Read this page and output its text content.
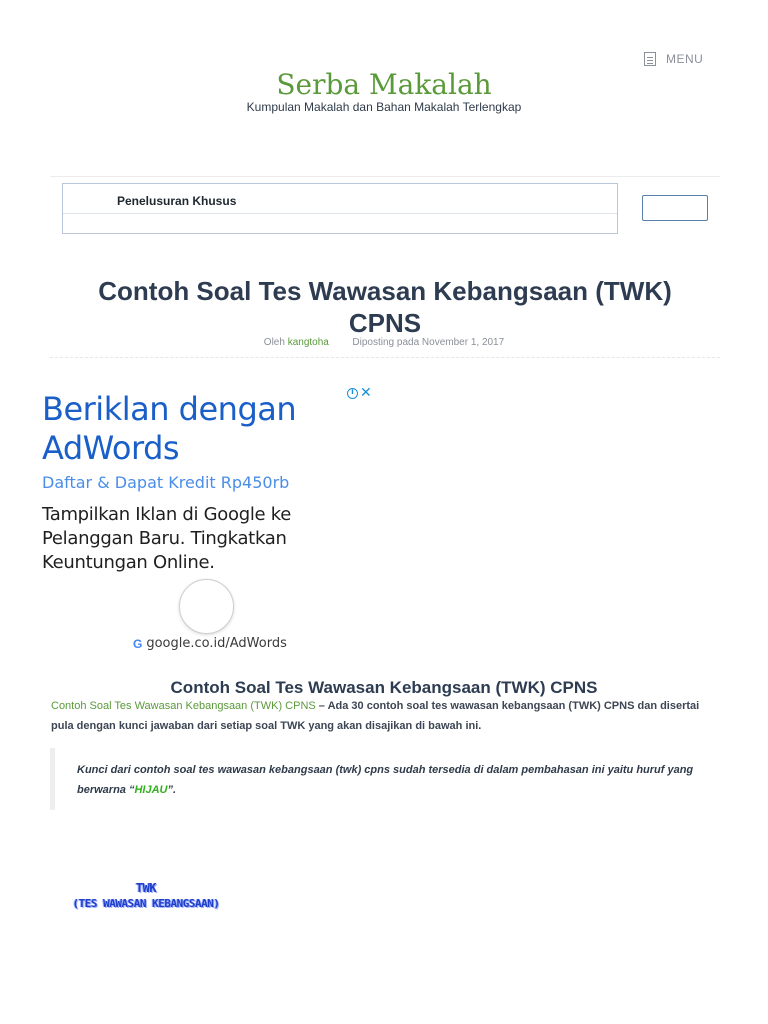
MENU
Serba Makalah
Kumpulan Makalah dan Bahan Makalah Terlengkap
Penelusuran Khusus
Contoh Soal Tes Wawasan Kebangsaan (TWK) CPNS
Oleh kangtoha Diposting pada November 1, 2017
Beriklan dengan AdWords
i
✕
Daftar & Dapat Kredit Rp450rb
Tampilkan Iklan di Google ke Pelanggan Baru. Tingkatkan Keuntungan Online.
G google.co.id/AdWords
Contoh Soal Tes Wawasan Kebangsaan (TWK) CPNS

Contoh Soal Tes Wawasan Kebangsaan (TWK) CPNS – Ada 30 contoh soal tes wawasan kebangsaan (TWK) CPNS dan disertai pula dengan kunci jawaban dari setiap soal TWK yang akan disajikan di bawah ini.

Kunci dari contoh soal tes wawasan kebangsaan (twk) cpns sudah tersedia di dalam pembahasan ini yaitu huruf yang berwarna “HIJAU”.
TWK
(TES WAWASAN KEBANGSAAN)
